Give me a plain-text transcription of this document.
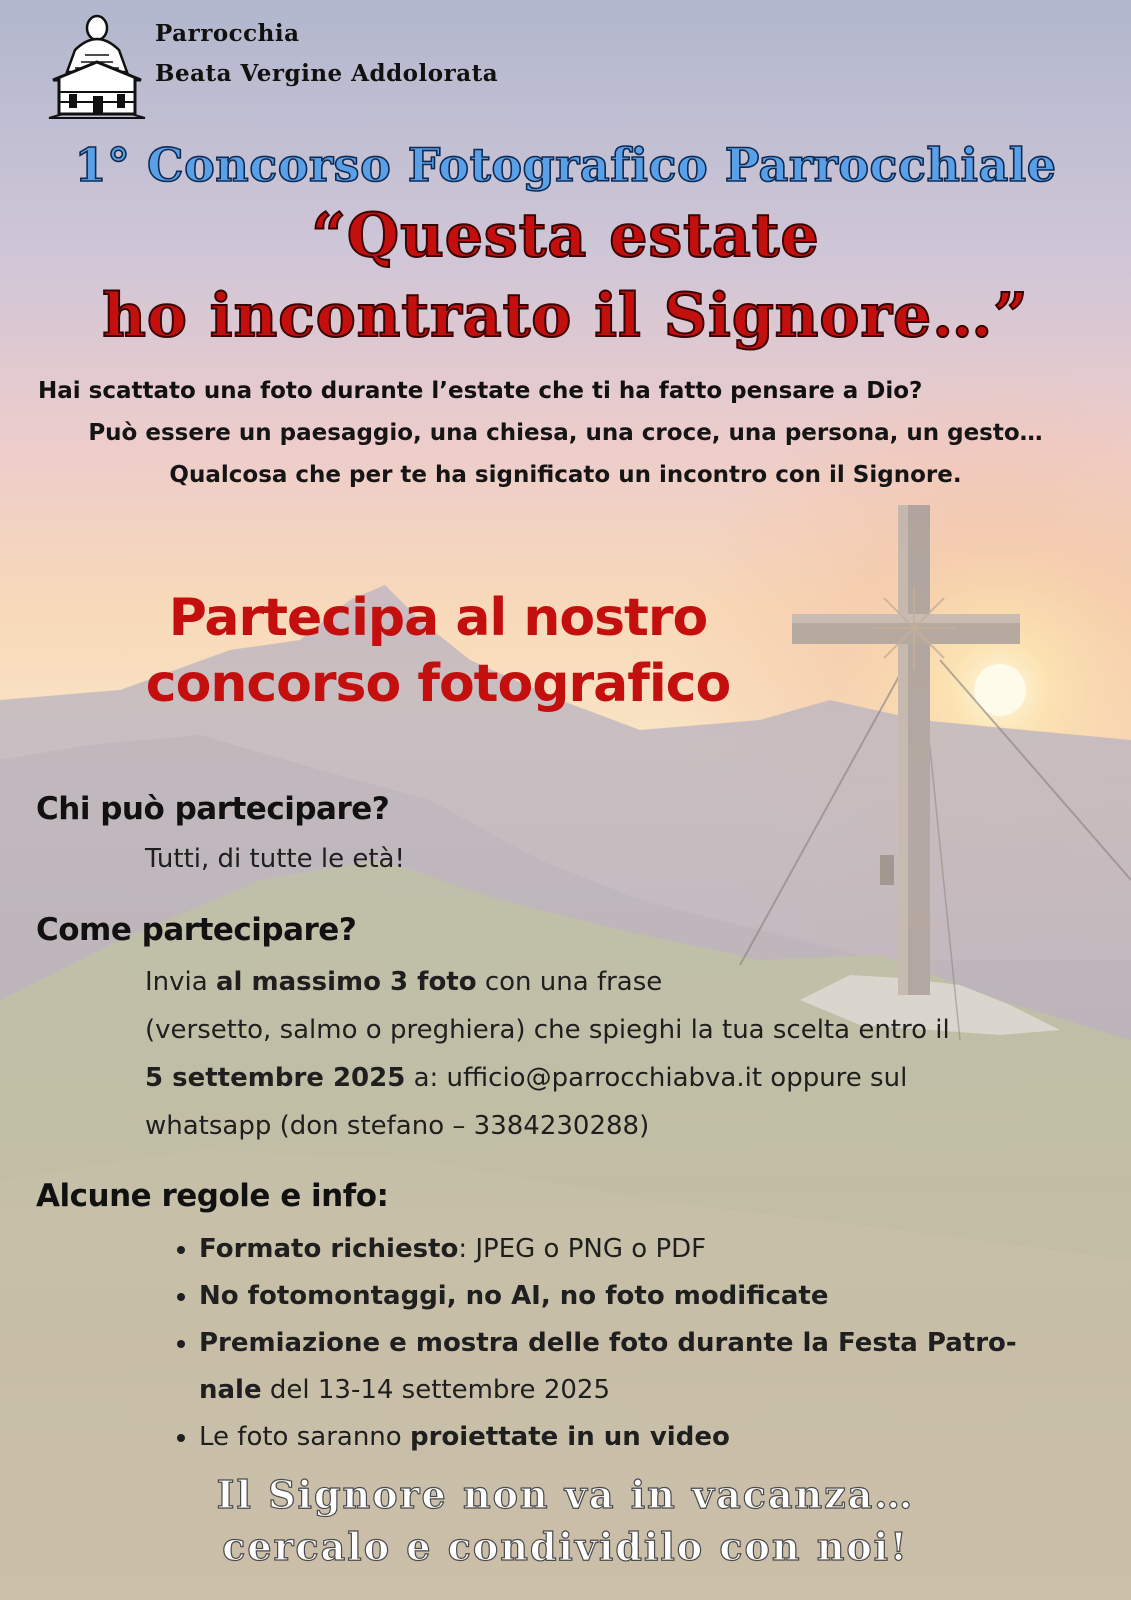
Parrocchia
Beata Vergine Addolorata
1° Concorso Fotografico Parrocchiale
“Questa estate
ho incontrato il Signore…”
Hai scattato una foto durante l’estate che ti ha fatto pensare a Dio?
Può essere un paesaggio, una chiesa, una croce, una persona, un gesto…
Qualcosa che per te ha significato un incontro con il Signore.
Partecipa al nostro
concorso fotografico
Chi può partecipare?
Tutti, di tutte le età!
Come partecipare?
Invia al massimo 3 foto con una frase
(versetto, salmo o preghiera) che spieghi la tua scelta entro il
5 settembre 2025 a: ufficio@parrocchiabva.it oppure sul
whatsapp (don stefano – 3384230288)
Alcune regole e info:
• Formato richiesto: JPEG o PNG o PDF
• No fotomontaggi, no AI, no foto modificate
• Premiazione e mostra delle foto durante la Festa Patro-
nale del 13-14 settembre 2025
• Le foto saranno proiettate in un video
Il Signore non va in vacanza…
cercalo e condividilo con noi!
